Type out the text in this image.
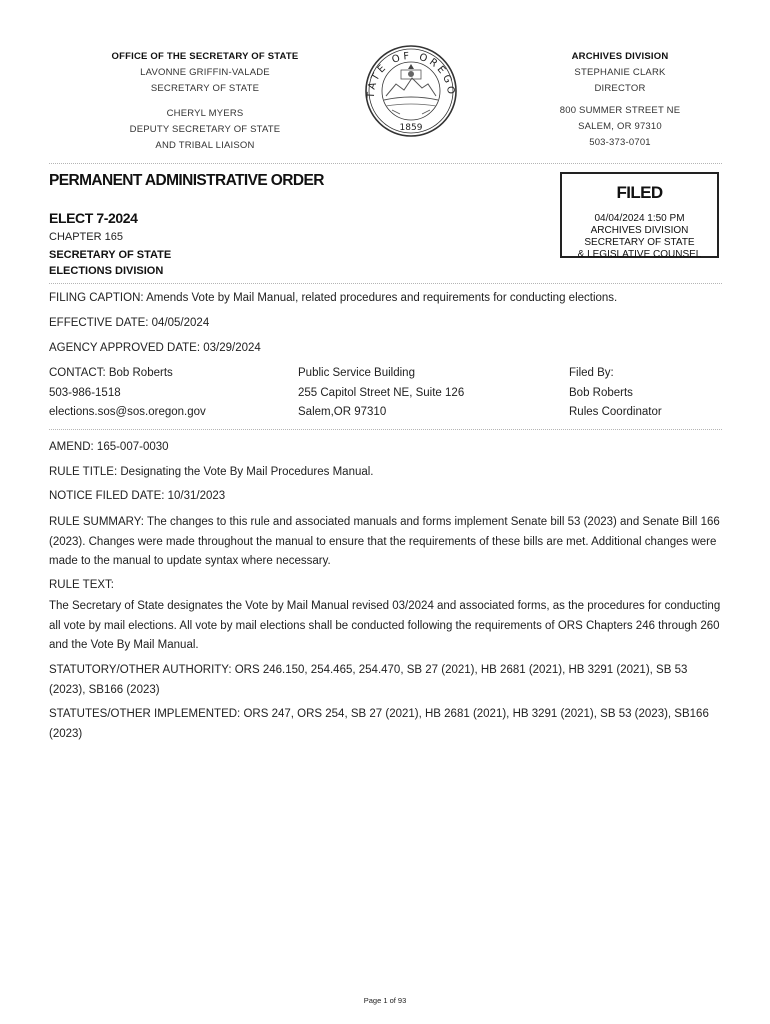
OFFICE OF THE SECRETARY OF STATE
LAVONNE GRIFFIN-VALADE
SECRETARY OF STATE
CHERYL MYERS
DEPUTY SECRETARY OF STATE
AND TRIBAL LIAISON
TATE OF OREGO
1859
ARCHIVES DIVISION
STEPHANIE CLARK
DIRECTOR
800 SUMMER STREET NE
SALEM, OR 97310
503-373-0701
PERMANENT ADMINISTRATIVE ORDER
ELECT 7-2024
CHAPTER 165
SECRETARY OF STATE
ELECTIONS DIVISION
FILED
04/04/2024 1:50 PM
ARCHIVES DIVISION
SECRETARY OF STATE
& LEGISLATIVE COUNSEL
FILING CAPTION: Amends Vote by Mail Manual, related procedures and requirements for conducting elections.
EFFECTIVE DATE: 04/05/2024
AGENCY APPROVED DATE: 03/29/2024
CONTACT: Bob Roberts
503-986-1518
elections.sos@sos.oregon.gov
Public Service Building
255 Capitol Street NE, Suite 126
Salem,OR 97310
Filed By:
Bob Roberts
Rules Coordinator
AMEND: 165-007-0030
RULE TITLE: Designating the Vote By Mail Procedures Manual.
NOTICE FILED DATE: 10/31/2023
RULE SUMMARY: The changes to this rule and associated manuals and forms implement Senate bill 53 (2023) and Senate Bill 166 (2023). Changes were made throughout the manual to ensure that the requirements of these bills are met. Additional changes were made to the manual to update syntax where necessary.
RULE TEXT:
The Secretary of State designates the Vote by Mail Manual revised 03/2024 and associated forms, as the procedures for conducting all vote by mail elections. All vote by mail elections shall be conducted following the requirements of ORS Chapters 246 through 260 and the Vote By Mail Manual.
STATUTORY/OTHER AUTHORITY: ORS 246.150, 254.465, 254.470, SB 27 (2021), HB 2681 (2021), HB 3291 (2021), SB 53 (2023), SB166 (2023)
STATUTES/OTHER IMPLEMENTED: ORS 247, ORS 254, SB 27 (2021), HB 2681 (2021), HB 3291 (2021), SB 53 (2023), SB166 (2023)
Page 1 of 93
